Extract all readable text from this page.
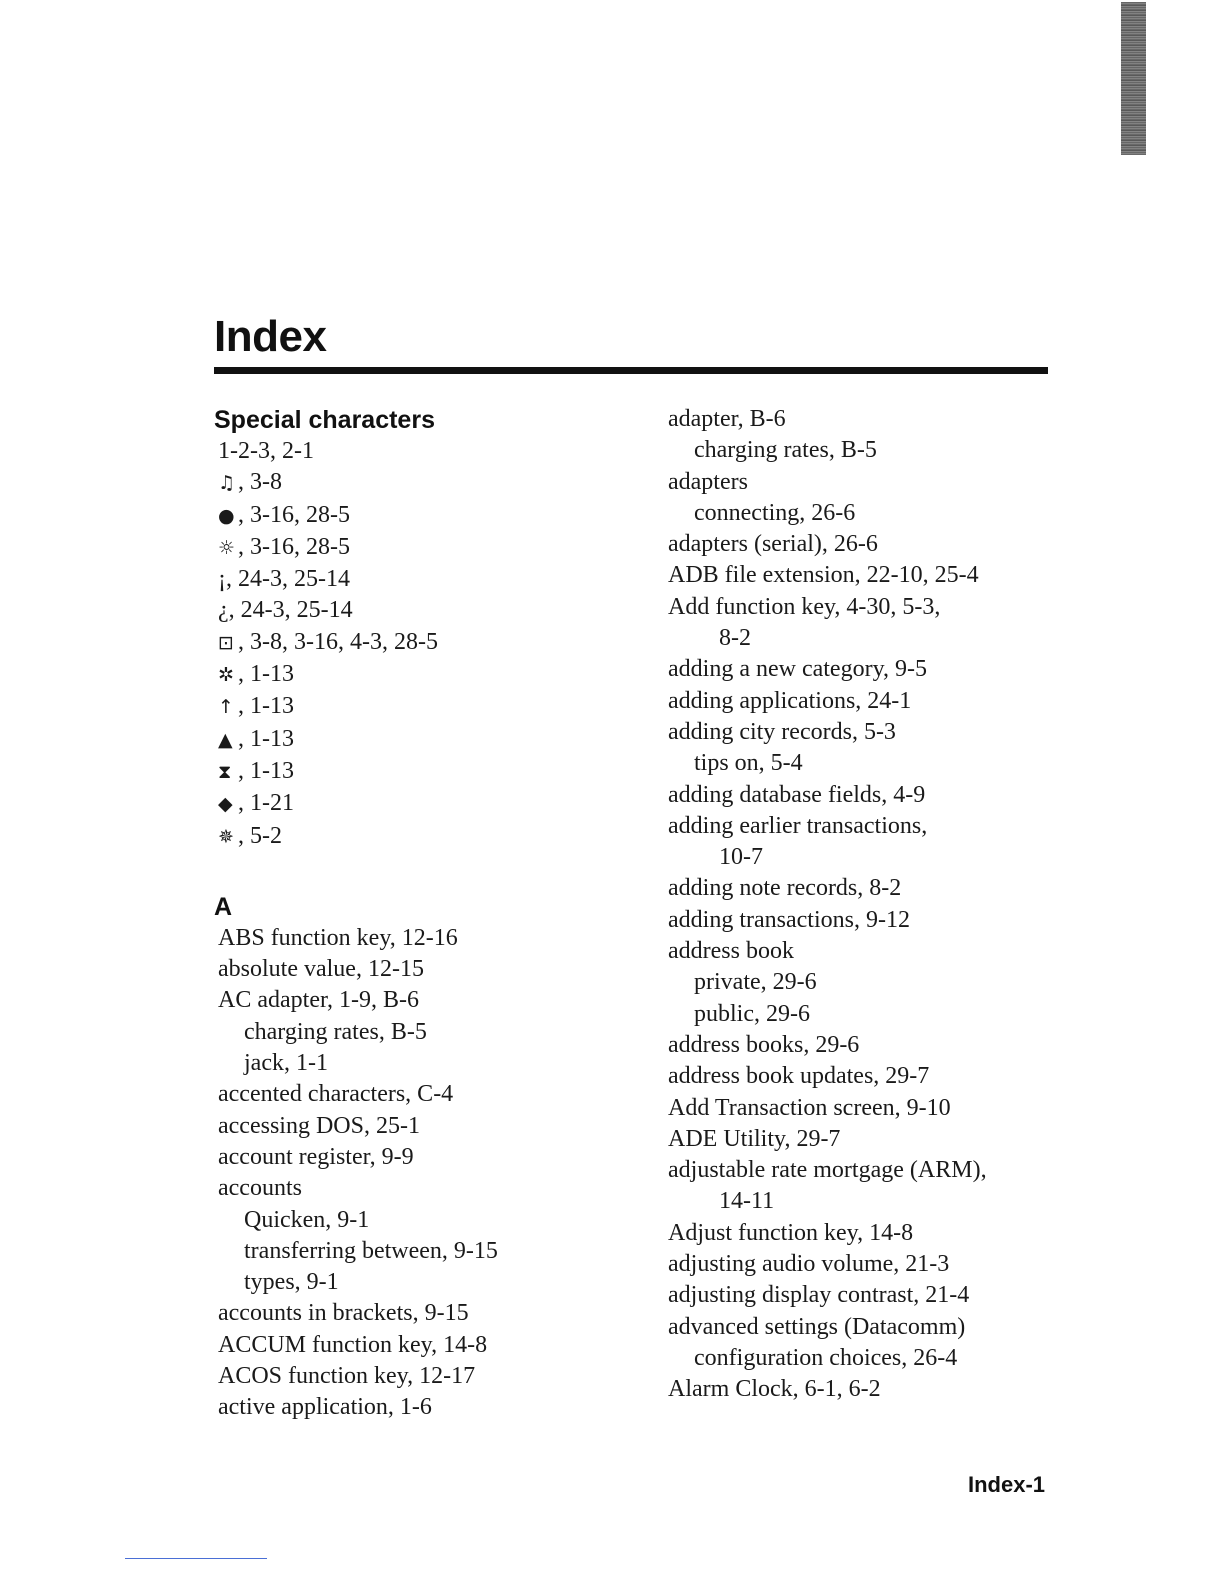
Index
Special characters
1-2-3, 2-1
♫ , 3-8
● , 3-16, 28-5
☼ , 3-16, 28-5
¡, 24-3, 25-14
¿, 24-3, 25-14
⊡ , 3-8, 3-16, 4-3, 28-5
✲ , 1-13
↑ , 1-13
▲ , 1-13
⧗ , 1-13
◆ , 1-21
✵ , 5-2
A
ABS function key, 12-16
absolute value, 12-15
AC adapter, 1-9, B-6
charging rates, B-5
jack, 1-1
accented characters, C-4
accessing DOS, 25-1
account register, 9-9
accounts
Quicken, 9-1
transferring between, 9-15
types, 9-1
accounts in brackets, 9-15
ACCUM function key, 14-8
ACOS function key, 12-17
active application, 1-6
adapter, B-6
charging rates, B-5
adapters
connecting, 26-6
adapters (serial), 26-6
ADB file extension, 22-10, 25-4
Add function key, 4-30, 5-3,
8-2
adding a new category, 9-5
adding applications, 24-1
adding city records, 5-3
tips on, 5-4
adding database fields, 4-9
adding earlier transactions,
10-7
adding note records, 8-2
adding transactions, 9-12
address book
private, 29-6
public, 29-6
address books, 29-6
address book updates, 29-7
Add Transaction screen, 9-10
ADE Utility, 29-7
adjustable rate mortgage (ARM),
14-11
Adjust function key, 14-8
adjusting audio volume, 21-3
adjusting display contrast, 21-4
advanced settings (Datacomm)
configuration choices, 26-4
Alarm Clock, 6-1, 6-2
Index-1
